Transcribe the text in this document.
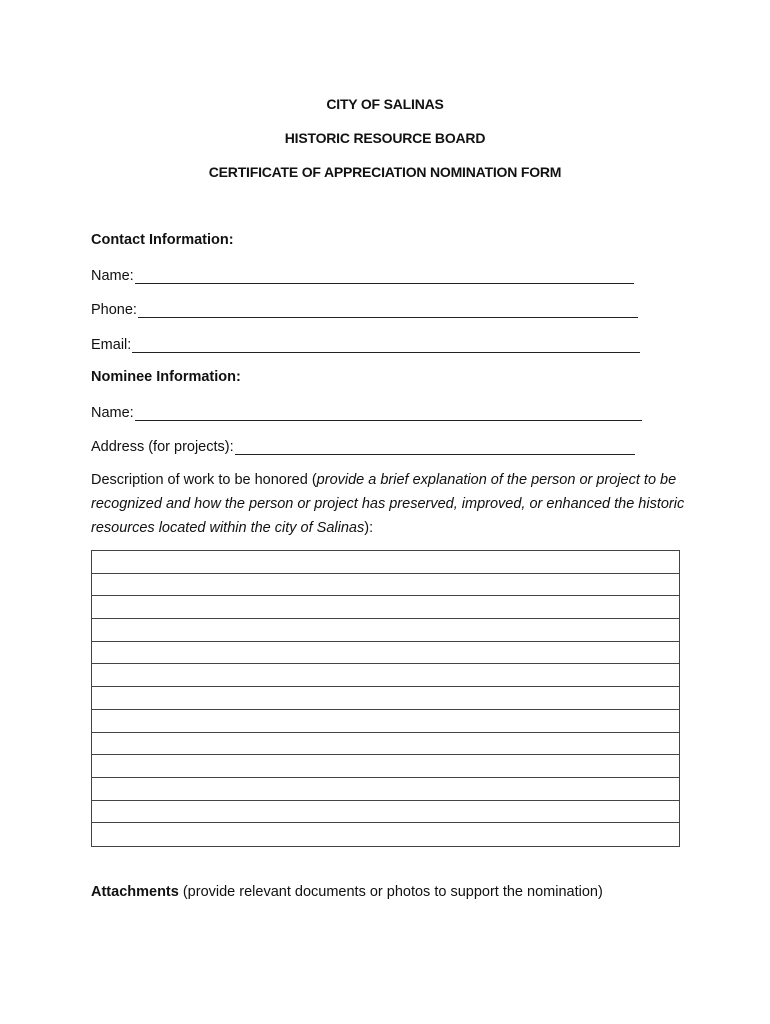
CITY OF SALINAS
HISTORIC RESOURCE BOARD
CERTIFICATE OF APPRECIATION NOMINATION FORM
Contact Information:
Name:
Phone:
Email:
Nominee Information:
Name:
Address (for projects):
Description of work to be honored (provide a brief explanation of the person or project to be recognized and how the person or project has preserved, improved, or enhanced the historic resources located within the city of Salinas):
Attachments (provide relevant documents or photos to support the nomination)
